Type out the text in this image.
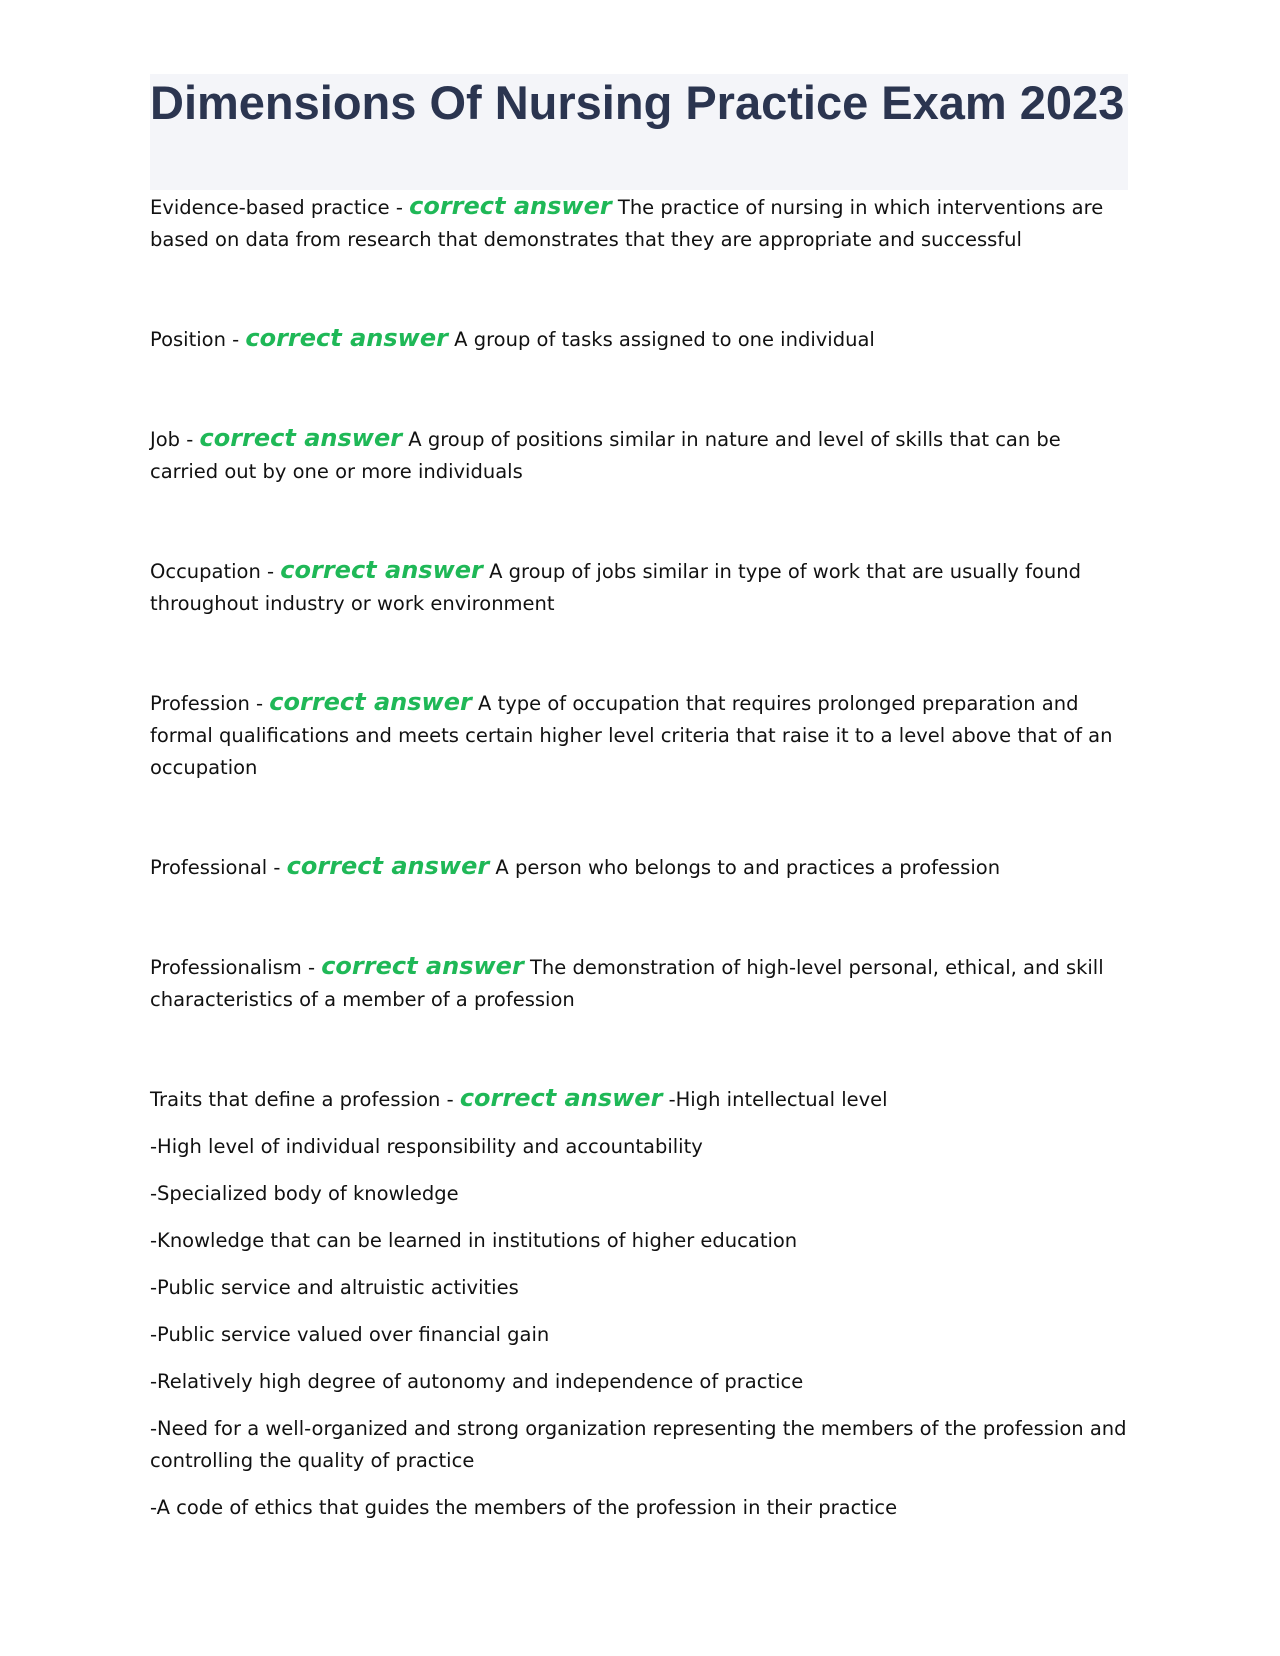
Dimensions Of Nursing Practice Exam 2023

Evidence-based practice - correct answer The practice of nursing in which interventions are based on data from research that demonstrates that they are appropriate and successful

Position - correct answer A group of tasks assigned to one individual

Job - correct answer A group of positions similar in nature and level of skills that can be carried out by one or more individuals

Occupation - correct answer A group of jobs similar in type of work that are usually found throughout industry or work environment

Profession - correct answer A type of occupation that requires prolonged preparation and formal qualifications and meets certain higher level criteria that raise it to a level above that of an occupation

Professional - correct answer A person who belongs to and practices a profession

Professionalism - correct answer The demonstration of high-level personal, ethical, and skill characteristics of a member of a profession

Traits that define a profession - correct answer -High intellectual level

-High level of individual responsibility and accountability

-Specialized body of knowledge

-Knowledge that can be learned in institutions of higher education

-Public service and altruistic activities

-Public service valued over financial gain

-Relatively high degree of autonomy and independence of practice

-Need for a well-organized and strong organization representing the members of the profession and controlling the quality of practice

-A code of ethics that guides the members of the profession in their practice
